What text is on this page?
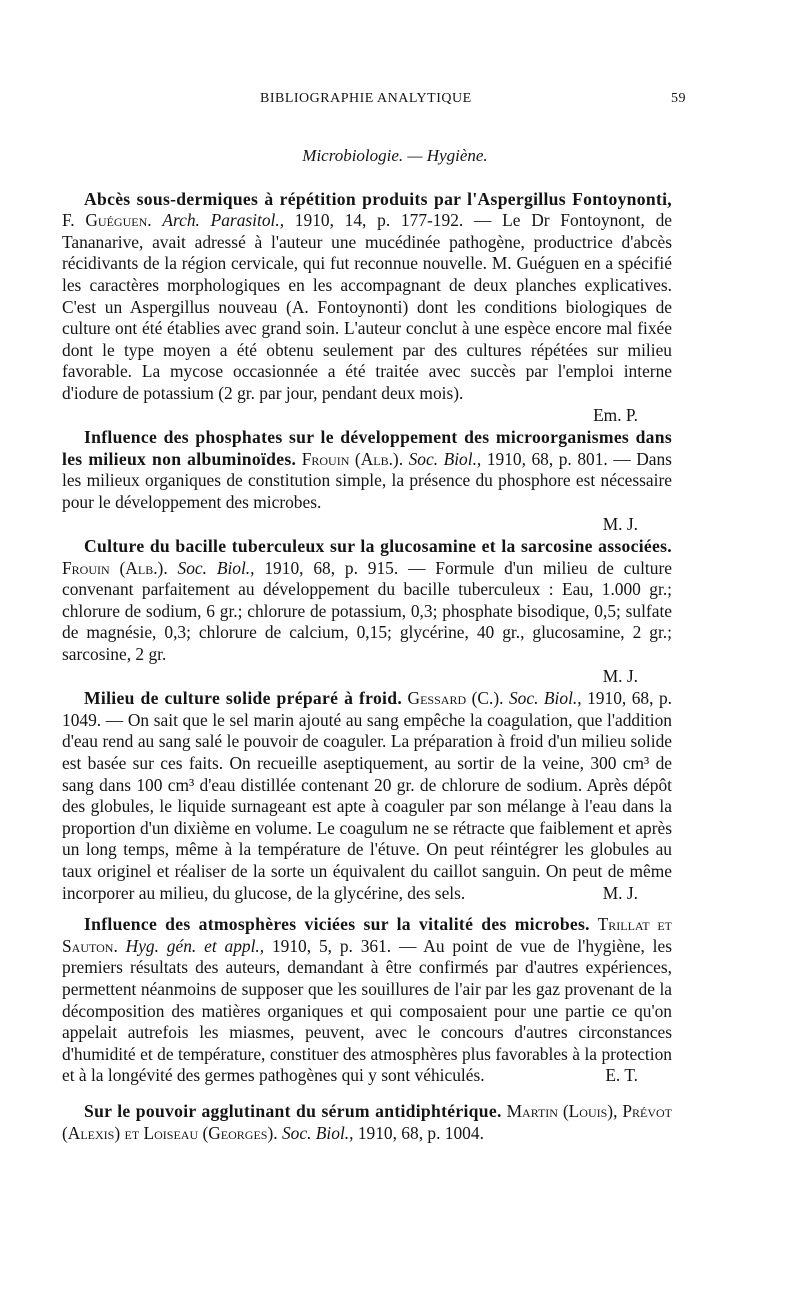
BIBLIOGRAPHIE ANALYTIQUE	59
Microbiologie. — Hygiène.

Abcès sous-dermiques à répétition produits par l'Aspergillus Fontoynonti, F. Guéguen. Arch. Parasitol., 1910, 14, p. 177-192. — Le Dr Fontoynont, de Tananarive, avait adressé à l'auteur une mucédinée pathogène, productrice d'abcès récidivants de la région cervicale, qui fut reconnue nouvelle. M. Guéguen en a spécifié les caractères morphologiques en les accompagnant de deux planches explicatives. C'est un Aspergillus nouveau (A. Fontoynonti) dont les conditions biologiques de culture ont été établies avec grand soin. L'auteur conclut à une espèce encore mal fixée dont le type moyen a été obtenu seulement par des cultures répétées sur milieu favorable. La mycose occasionnée a été traitée avec succès par l'emploi interne d'iodure de potassium (2 gr. par jour, pendant deux mois).
Em. P.

Influence des phosphates sur le développement des microorganismes dans les milieux non albuminoïdes. Frouin (Alb.). Soc. Biol., 1910, 68, p. 801. — Dans les milieux organiques de constitution simple, la présence du phosphore est nécessaire pour le développement des microbes.
M. J.

Culture du bacille tuberculeux sur la glucosamine et la sarcosine associées. Frouin (Alb.). Soc. Biol., 1910, 68, p. 915. — Formule d'un milieu de culture convenant parfaitement au développement du bacille tuberculeux : Eau, 1.000 gr.; chlorure de sodium, 6 gr.; chlorure de potassium, 0,3; phosphate bisodique, 0,5; sulfate de magnésie, 0,3; chlorure de calcium, 0,15; glycérine, 40 gr., glucosamine, 2 gr.; sarcosine, 2 gr.
M. J.

Milieu de culture solide préparé à froid. Gessard (C.). Soc. Biol., 1910, 68, p. 1049. — On sait que le sel marin ajouté au sang empêche la coagulation, que l'addition d'eau rend au sang salé le pouvoir de coaguler. La préparation à froid d'un milieu solide est basée sur ces faits. On recueille aseptiquement, au sortir de la veine, 300 cm³ de sang dans 100 cm³ d'eau distillée contenant 20 gr. de chlorure de sodium. Après dépôt des globules, le liquide surnageant est apte à coaguler par son mélange à l'eau dans la proportion d'un dixième en volume. Le coagulum ne se rétracte que faiblement et après un long temps, même à la température de l'étuve. On peut réintégrer les globules au taux originel et réaliser de la sorte un équivalent du caillot sanguin. On peut de même incorporer au milieu, du glucose, de la glycérine, des sels.	M. J.

Influence des atmosphères viciées sur la vitalité des microbes. Trillat et Sauton. Hyg. gén. et appl., 1910, 5, p. 361. — Au point de vue de l'hygiène, les premiers résultats des auteurs, demandant à être confirmés par d'autres expériences, permettent néanmoins de supposer que les souillures de l'air par les gaz provenant de la décomposition des matières organiques et qui composaient pour une partie ce qu'on appelait autrefois les miasmes, peuvent, avec le concours d'autres circonstances d'humidité et de température, constituer des atmosphères plus favorables à la protection et à la longévité des germes pathogènes qui y sont véhiculés.	E. T.

Sur le pouvoir agglutinant du sérum antidiphtérique. Martin (Louis), Prévot (Alexis) et Loiseau (Georges). Soc. Biol., 1910, 68, p. 1004.
